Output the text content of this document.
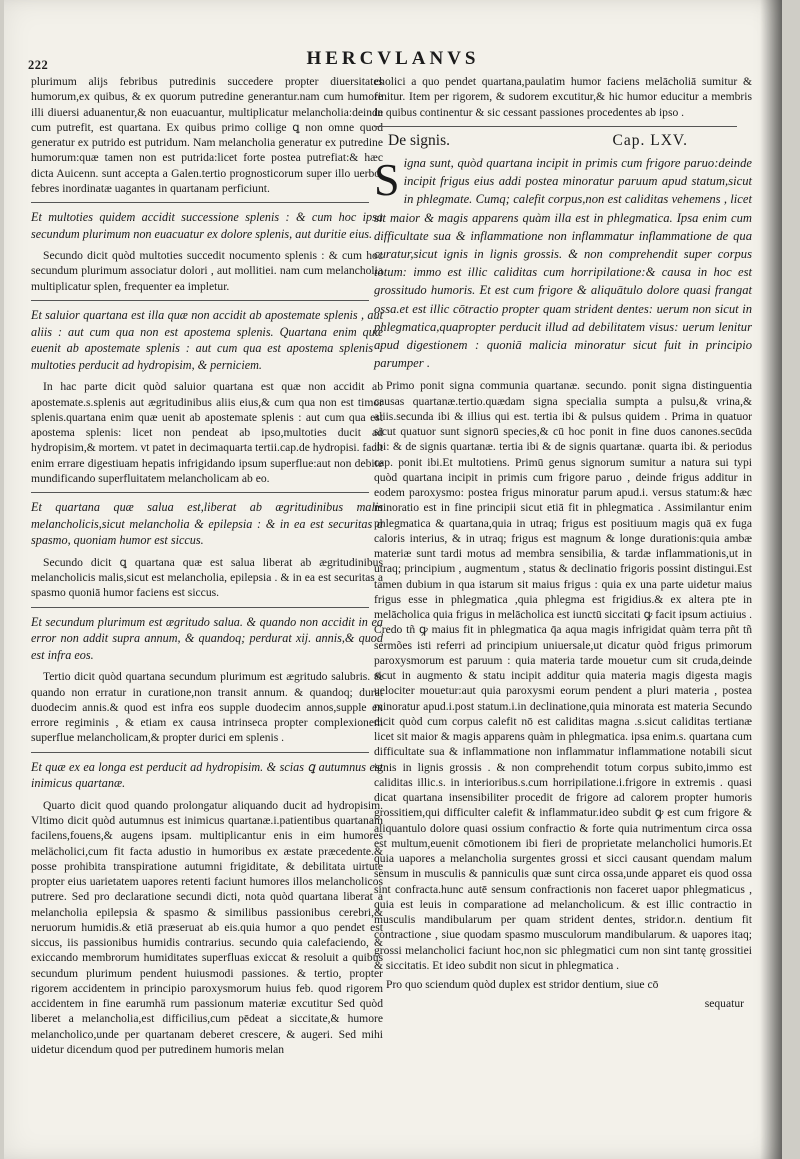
222	HERCVLANVS

plurimum alijs febribus putredinis succedere propter diuersitates humorum,ex quibus, & ex quorum putredine generantur.nam cum humore illi diuersi aduanentur,& non euacuantur, multiplicatur melancholia:deinde cum putrefit, est quartana. Ex quibus primo collige ꝗ non omne quod generatur ex putrido est putridum. Nam melancholia generatur ex putredine humorum:quæ tamen non est putrida:licet forte postea putrefiat:& hæc dicta Auicenn. sunt accepta a Galen.tertio prognosticorum super illo uerbo. febres inordinatæ uagantes in quartanam perficiunt.

Et multoties quidem accidit successione splenis : & cum hoc ipsa secundum plurimum non euacuatur ex dolore splenis, aut duritie eius.

Secundo dicit quòd multoties succedit nocumento splenis : & cum hoc secundum plurimum associatur dolori , aut mollitiei. nam cum melancholia multiplicatur splen, frequenter ea impletur.

Et saluior quartana est illa quæ non accidit ab apostemate splenis , aut aliis : aut cum qua non est apostema splenis. Quartana enim quæ euenit ab apostemate splenis : aut cum qua est apostema splenis : multoties perducit ad hydropisim, & perniciem.

In hac parte dicit quòd saluior quartana est quæ non accidit ab apostemate.s.splenis aut ægritudinibus aliis eius,& cum qua non est timor splenis.quartana enim quæ uenit ab apostemate splenis : aut cum qua est apostema splenis: licet non pendeat ab ipso,multoties ducit ad hydropisim,& mortem. vt patet in decimaquarta tertii.cap.de hydropisi. facit enim errare digestiuam hepatis infrigidando ipsum superflue:aut non debite mundificando superfluitatem melancholicam ab eo.

Et quartana quæ salua est,liberat ab ægritudinibus malis melancholicis,sicut melancholia & epilepsia : & in ea est securitas a spasmo, quoniam humor est siccus.

Secundo dicit ꝗ quartana quæ est salua liberat ab ægritudinibus melancholicis malis,sicut est melancholia, epilepsia . & in ea est securitas a spasmo quoniā humor faciens est siccus.

Et secundum plurimum est ægritudo salua. & quando non accidit in ea error non addit supra annum, & quandoq; perdurat xij. annis,& quod est infra eos.

Tertio dicit quòd quartana secundum plurimum est ægritudo salubris. & quando non erratur in curatione,non transit annum. & quandoq; durat duodecim annis.& quod est infra eos supple duodecim annos,supple ex errore regiminis , & etiam ex causa intrinseca propter complexionem superflue melancholicam,& propter durici em splenis .

Et quæ ex ea longa est perducit ad hydropisim. & scias ꝗ autumnus est inimicus quartanæ.

Quarto dicit quod quando prolongatur aliquando ducit ad hydropisim. Vltimo dicit quòd autumnus est inimicus quartanæ.i.patientibus quartanam facilens,fouens,& augens ipsam. multiplicantur enis in eim humores melächolici,cum fit facta adustio in humoribus ex æstate præcedente.& posse prohibita transpiratione autumni frigiditate, & debilitata uirtute propter eius uarietatem uapores retenti faciunt humores illos melancholicos putrere. Sed pro declaratione secundi dicti, nota quòd quartana liberat a melancholia epilepsia & spasmo & similibus passionibus cerebri,& neruorum humidis.& etiā præseruat ab eis.quia humor a quo pendet est siccus, iis passionibus humidis contrarius. secundo quia calefaciendo, & exiccando membrorum humiditates superfluas exiccat & resoluit a quibus secundum plurimum pendent huiusmodi passiones. & tertio, propter rigorem accidentem in principio paroxysmorum huius feb. quod rigorem accidentem in fine earumhä rum passionum materiæ excutitur Sed quòd liberet a melancholia,est difficilius,cum pēdeat a siccitate,& humore melancholico,unde per quartanam deberet crescere, & augeri. Sed mihi uidetur dicendum quod per putredinem humoris melan

cholici a quo pendet quartana,paulatim humor faciens melācholiā sumitur & finitur. Item per rigorem, & sudorem excutitur,& hic humor educitur a membris in quibus continentur & sic cessant passiones procedentes ab ipso .

De signis.	Cap. LXV.

Signa sunt, quòd quartana incipit in primis cum frigore paruo:deinde incipit frigus eius addi postea minoratur paruum apud statum,sicut in phlegmate. Cumq; calefit corpus,non est caliditas vehemens , licet sit maior & magis apparens quàm illa est in phlegmatica. Ipsa enim cum difficultate sua & inflammatione non inflammatur inflammatione de qua curatur,sicut ignis in lignis grossis. & non comprehendit super corpus totum: immo est illic caliditas cum horripilatione:& causa in hoc est grossitudo humoris. Et est cum frigore & aliquātulo dolore quasi frangat ossa.et est illic cōtractio propter quam strident dentes: uerum non sicut in phlegmatica,quapropter perducit illud ad debilitatem visus: uerum lenitur apud digestionem : quoniā malicia minoratur sicut fuit in principio parumper .

Primo ponit signa communia quartanæ. secundo. ponit signa distinguentia causas quartanæ.tertio.quædam signa specialia sumpta a pulsu,& vrina,& aliis.secunda ibi & illius qui est. tertia ibi & pulsus quidem . Prima in quatuor sicut quatuor sunt signorū species,& cū hoc ponit in fine duos canones.secūda ibi: & de signis quartanæ. tertia ibi & de signis quartanæ. quarta ibi. & periodus cap. ponit ibi.Et multotiens. Primū genus signorum sumitur a natura sui typi quòd quartana incipit in primis cum frigore paruo , deinde frigus additur in eodem paroxysmo: postea frigus minoratur parum apud.i. versus statum:& hæc minoratio est in fine principii sicut etiā fit in phlegmatica . Assimilantur enim phlegmatica & quartana,quia in utraq; frigus est positiuum magis quā ex fuga caloris interius, & in utraq; frigus est magnum & longe durationis:quia ambæ materiæ sunt tardi motus ad membra sensibilia, & tardæ inflammationis,ut in utraq; principium , augmentum , status & declinatio frigoris possint distingui.Est tamen dubium in qua istarum sit maius frigus : quia ex una parte uidetur maius frigus esse in phlegmatica ,quia phlegma est frigidius.& ex altera pte in melācholica quia frigus in melācholica est iunctū siccitati ꝙ facit ipsum actiuius . Credo tñ ꝙ maius fit in phlegmatica q̄a aqua magis infrigidat quàm terra pñt tñ sermões isti referri ad principium uniuersale,ut dicatur quòd frigus primorum paroxysmorum est paruum : quia materia tarde mouetur cum sit cruda,deinde sicut in augmento & statu incipit additur quia materia magis digesta magis uelociter mouetur:aut quia paroxysmi eorum pendent a pluri materia , postea minoratur apud.i.post statum.i.in declinatione,quia minorata est materia Secundo dicit quòd cum corpus calefit nō est caliditas magna .s.sicut caliditas tertianæ licet sit maior & magis apparens quàm in phlegmatica. ipsa enim.s. quartana cum difficultate sua & inflammatione non inflammatur inflammatione notabili sicut ignis in lignis grossis . & non comprehendit totum corpus subito,immo est caliditas illic.s. in interioribus.s.cum horripilatione.i.frigore in extremis . quasi dicat quartana insensibiliter procedit de frigore ad calorem propter humoris grossitiem,qui difficulter calefit & inflammatur.ideo subdit ꝙ est cum frigore & aliquantulo dolore quasi ossium confractio & forte quia nutrimentum circa ossa est multum,euenit cōmotionem ibi fieri de proprietate melancholici humoris.Et quia uapores a melancholia surgentes grossi et sicci causant quendam malum sensum in musculis & panniculis quæ sunt circa ossa,unde apparet eis quod ossa sint confracta.hunc autē sensum confractionis non faceret uapor phlegmaticus , quia est leuis in comparatione ad melancholicum. & est illic contractio in musculis mandibularum per quam strident dentes, stridor.n. dentium fit contractione , siue quodam spasmo musculorum mandibularum. & uapores itaq; grossi melancholici faciunt hoc,non sic phlegmatici cum non sint tantę grossitiei & siccitatis. Et ideo subdit non sicut in phlegmatica .

Pro quo sciendum quòd duplex est stridor dentium, siue cō

sequatur
